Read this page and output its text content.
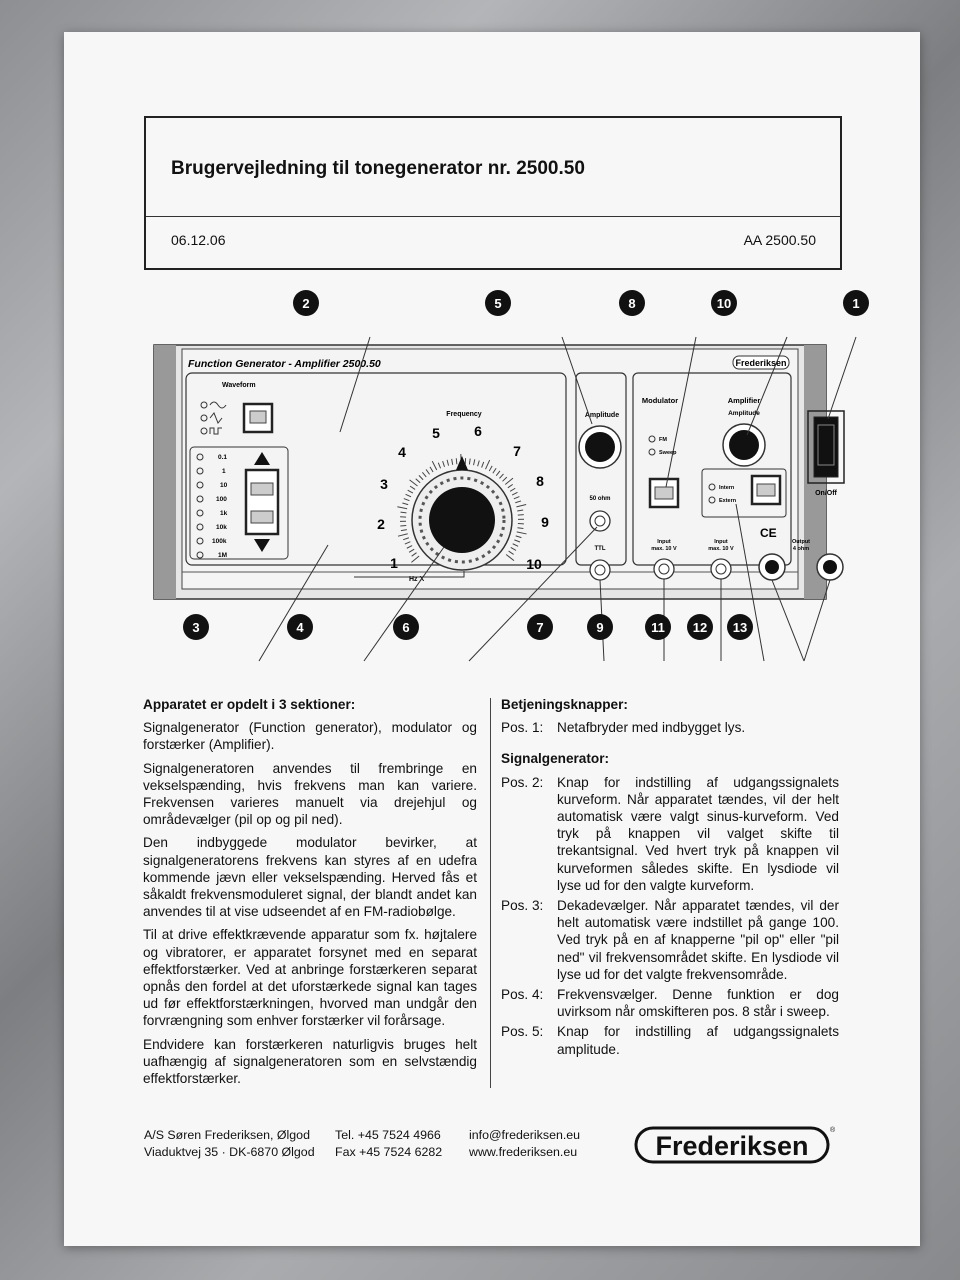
Brugervejledning til tonegenerator nr. 2500.50
06.12.06	AA 2500.50
Function Generator - Amplifier 2500.50	Frederiksen
Waveform
0.1
1
10
100
1k
10k
100k
1M
Frequency
1
2
3
4
5 6
7
8
9
10
Hz X
Amplitude
50 ohm
TTL
Modulator
FM
Sweep
Input
max. 10 V
Amplifier
Amplitude
Intern
Extern
CE
Input
max. 10 V
Output
4 ohm
On/Off

Apparatet er opdelt i 3 sektioner:

Signalgenerator (Function generator), modulator og forstærker (Amplifier).

Signalgeneratoren anvendes til frembringe en vekselspænding, hvis frekvens man kan variere. Frekvensen varieres manuelt via drejehjul og områdevælger (pil op og pil ned).

Den indbyggede modulator bevirker, at signalgeneratorens frekvens kan styres af en udefra kommende jævn eller vekselspænding. Herved fås et såkaldt frekvensmoduleret signal, der blandt andet kan anvendes til at vise udseendet af en FM-radiobølge.

Til at drive effektkrævende apparatur som fx. højtalere og vibratorer, er apparatet forsynet med en separat effektforstærker. Ved at anbringe forstærkeren separat opnås den fordel at det uforstærkede signal kan tages ud før effektforstærkningen, hvorved man undgår den forvrængning som enhver forstærker vil forårsage.

Endvidere kan forstærkeren naturligvis bruges helt uafhængig af signalgeneratoren som en selvstændig effektforstærker.

Betjeningsknapper:

Pos. 1:	Netafbryder med indbygget lys.

Signalgenerator:

Pos. 2:	Knap for indstilling af udgangssignalets kurveform. Når apparatet tændes, vil der helt automatisk være valgt sinus-kurveform. Ved tryk på knappen vil valget skifte til trekantsignal. Ved hvert tryk på knappen vil kurveformen således skifte. En lysdiode vil lyse ud for den valgte kurveform.
Pos. 3:	Dekadevælger. Når apparatet tændes, vil der helt automatisk være indstillet på gange 100. Ved tryk på en af knapperne "pil op" eller "pil ned" vil frekvensområdet skifte. En lysdiode vil lyse ud for det valgte frekvensområde.
Pos. 4:	Frekvensvælger. Denne funktion er dog uvirksom når omskifteren pos. 8 står i sweep.
Pos. 5:	Knap for indstilling af udgangssignalets amplitude.
A/S Søren Frederiksen, Ølgod
Viaduktvej 35 · DK-6870 Ølgod
Tel. +45 7524 4966
Fax +45 7524 6282
info@frederiksen.eu
www.frederiksen.eu	Frederiksen
®
1
2
3	4
5
6	7
8
9
10
11 12 13
